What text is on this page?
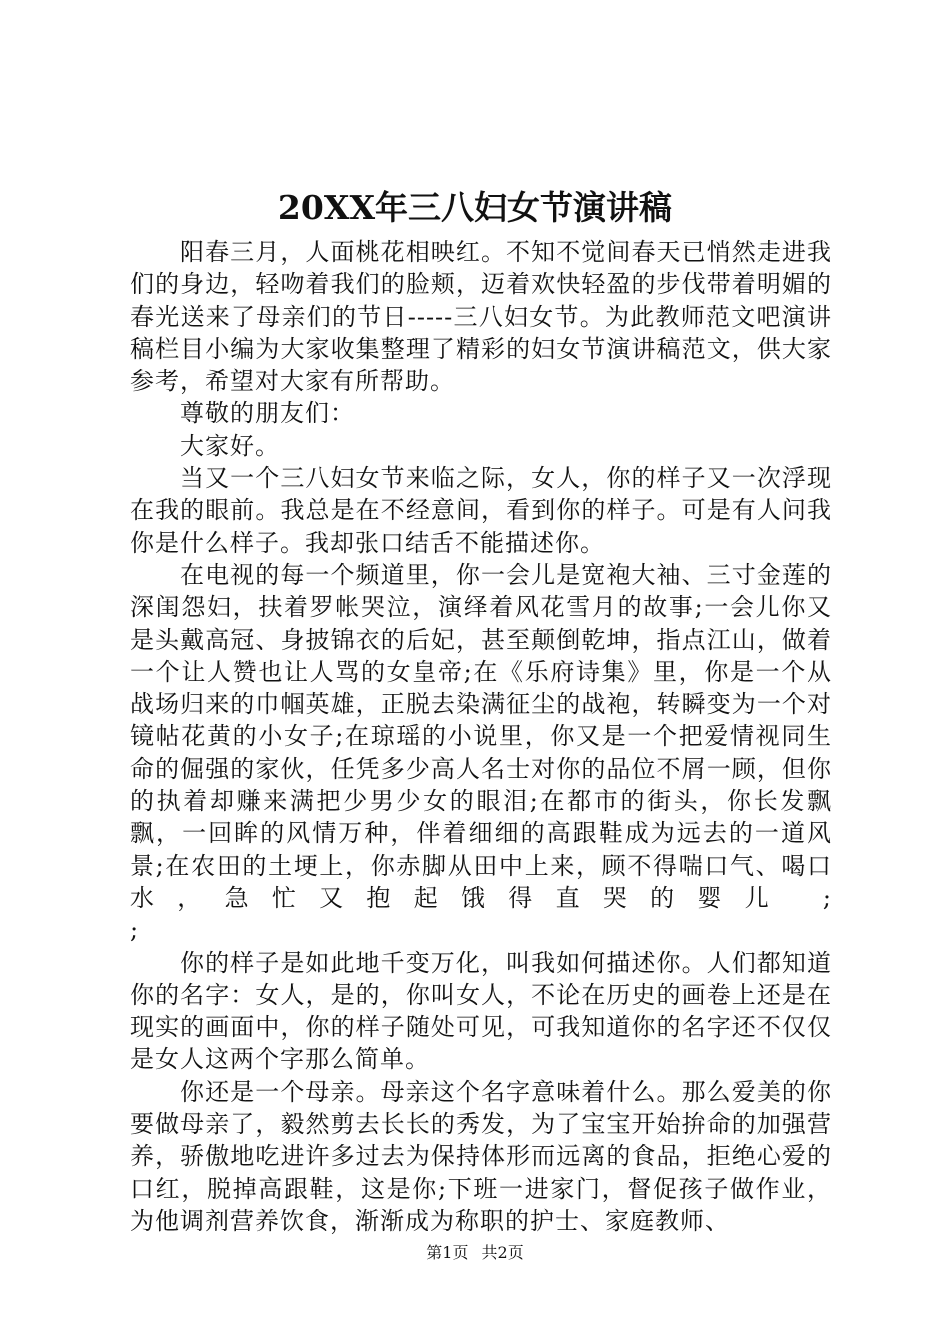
20XX年三八妇女节演讲稿

阳春三月，人面桃花相映红。不知不觉间春天已悄然走进我们的身边，轻吻着我们的脸颊，迈着欢快轻盈的步伐带着明媚的春光送来了母亲们的节日-----三八妇女节。为此教师范文吧演讲稿栏目小编为大家收集整理了精彩的妇女节演讲稿范文，供大家参考，希望对大家有所帮助。

尊敬的朋友们：

大家好。

当又一个三八妇女节来临之际，女人，你的样子又一次浮现在我的眼前。我总是在不经意间，看到你的样子。可是有人问我你是什么样子。我却张口结舌不能描述你。

在电视的每一个频道里，你一会儿是宽袍大袖、三寸金莲的深闺怨妇，扶着罗帐哭泣，演绎着风花雪月的故事;一会儿你又是头戴高冠、身披锦衣的后妃，甚至颠倒乾坤，指点江山，做着一个让人赞也让人骂的女皇帝;在《乐府诗集》里，你是一个从战场归来的巾帼英雄，正脱去染满征尘的战袍，转瞬变为一个对镜帖花黄的小女子;在琼瑶的小说里，你又是一个把爱情视同生命的倔强的家伙，任凭多少高人名士对你的品位不屑一顾，但你的执着却赚来满把少男少女的眼泪;在都市的街头，你长发飘飘，一回眸的风情万种，伴着细细的高跟鞋成为远去的一道风景;在农田的土埂上，你赤脚从田中上来，顾不得喘口气、喝口水，急忙又抱起饿得直哭的婴儿 ;

;

你的样子是如此地千变万化，叫我如何描述你。人们都知道你的名字：女人，是的，你叫女人，不论在历史的画卷上还是在现实的画面中，你的样子随处可见，可我知道你的名字还不仅仅是女人这两个字那么简单。

你还是一个母亲。母亲这个名字意味着什么。那么爱美的你要做母亲了，毅然剪去长长的秀发，为了宝宝开始拚命的加强营养，骄傲地吃进许多过去为保持体形而远离的食品，拒绝心爱的口红，脱掉高跟鞋，这是你;下班一进家门，督促孩子做作业，为他调剂营养饮食，渐渐成为称职的护士、家庭教师、

第1页 共2页
